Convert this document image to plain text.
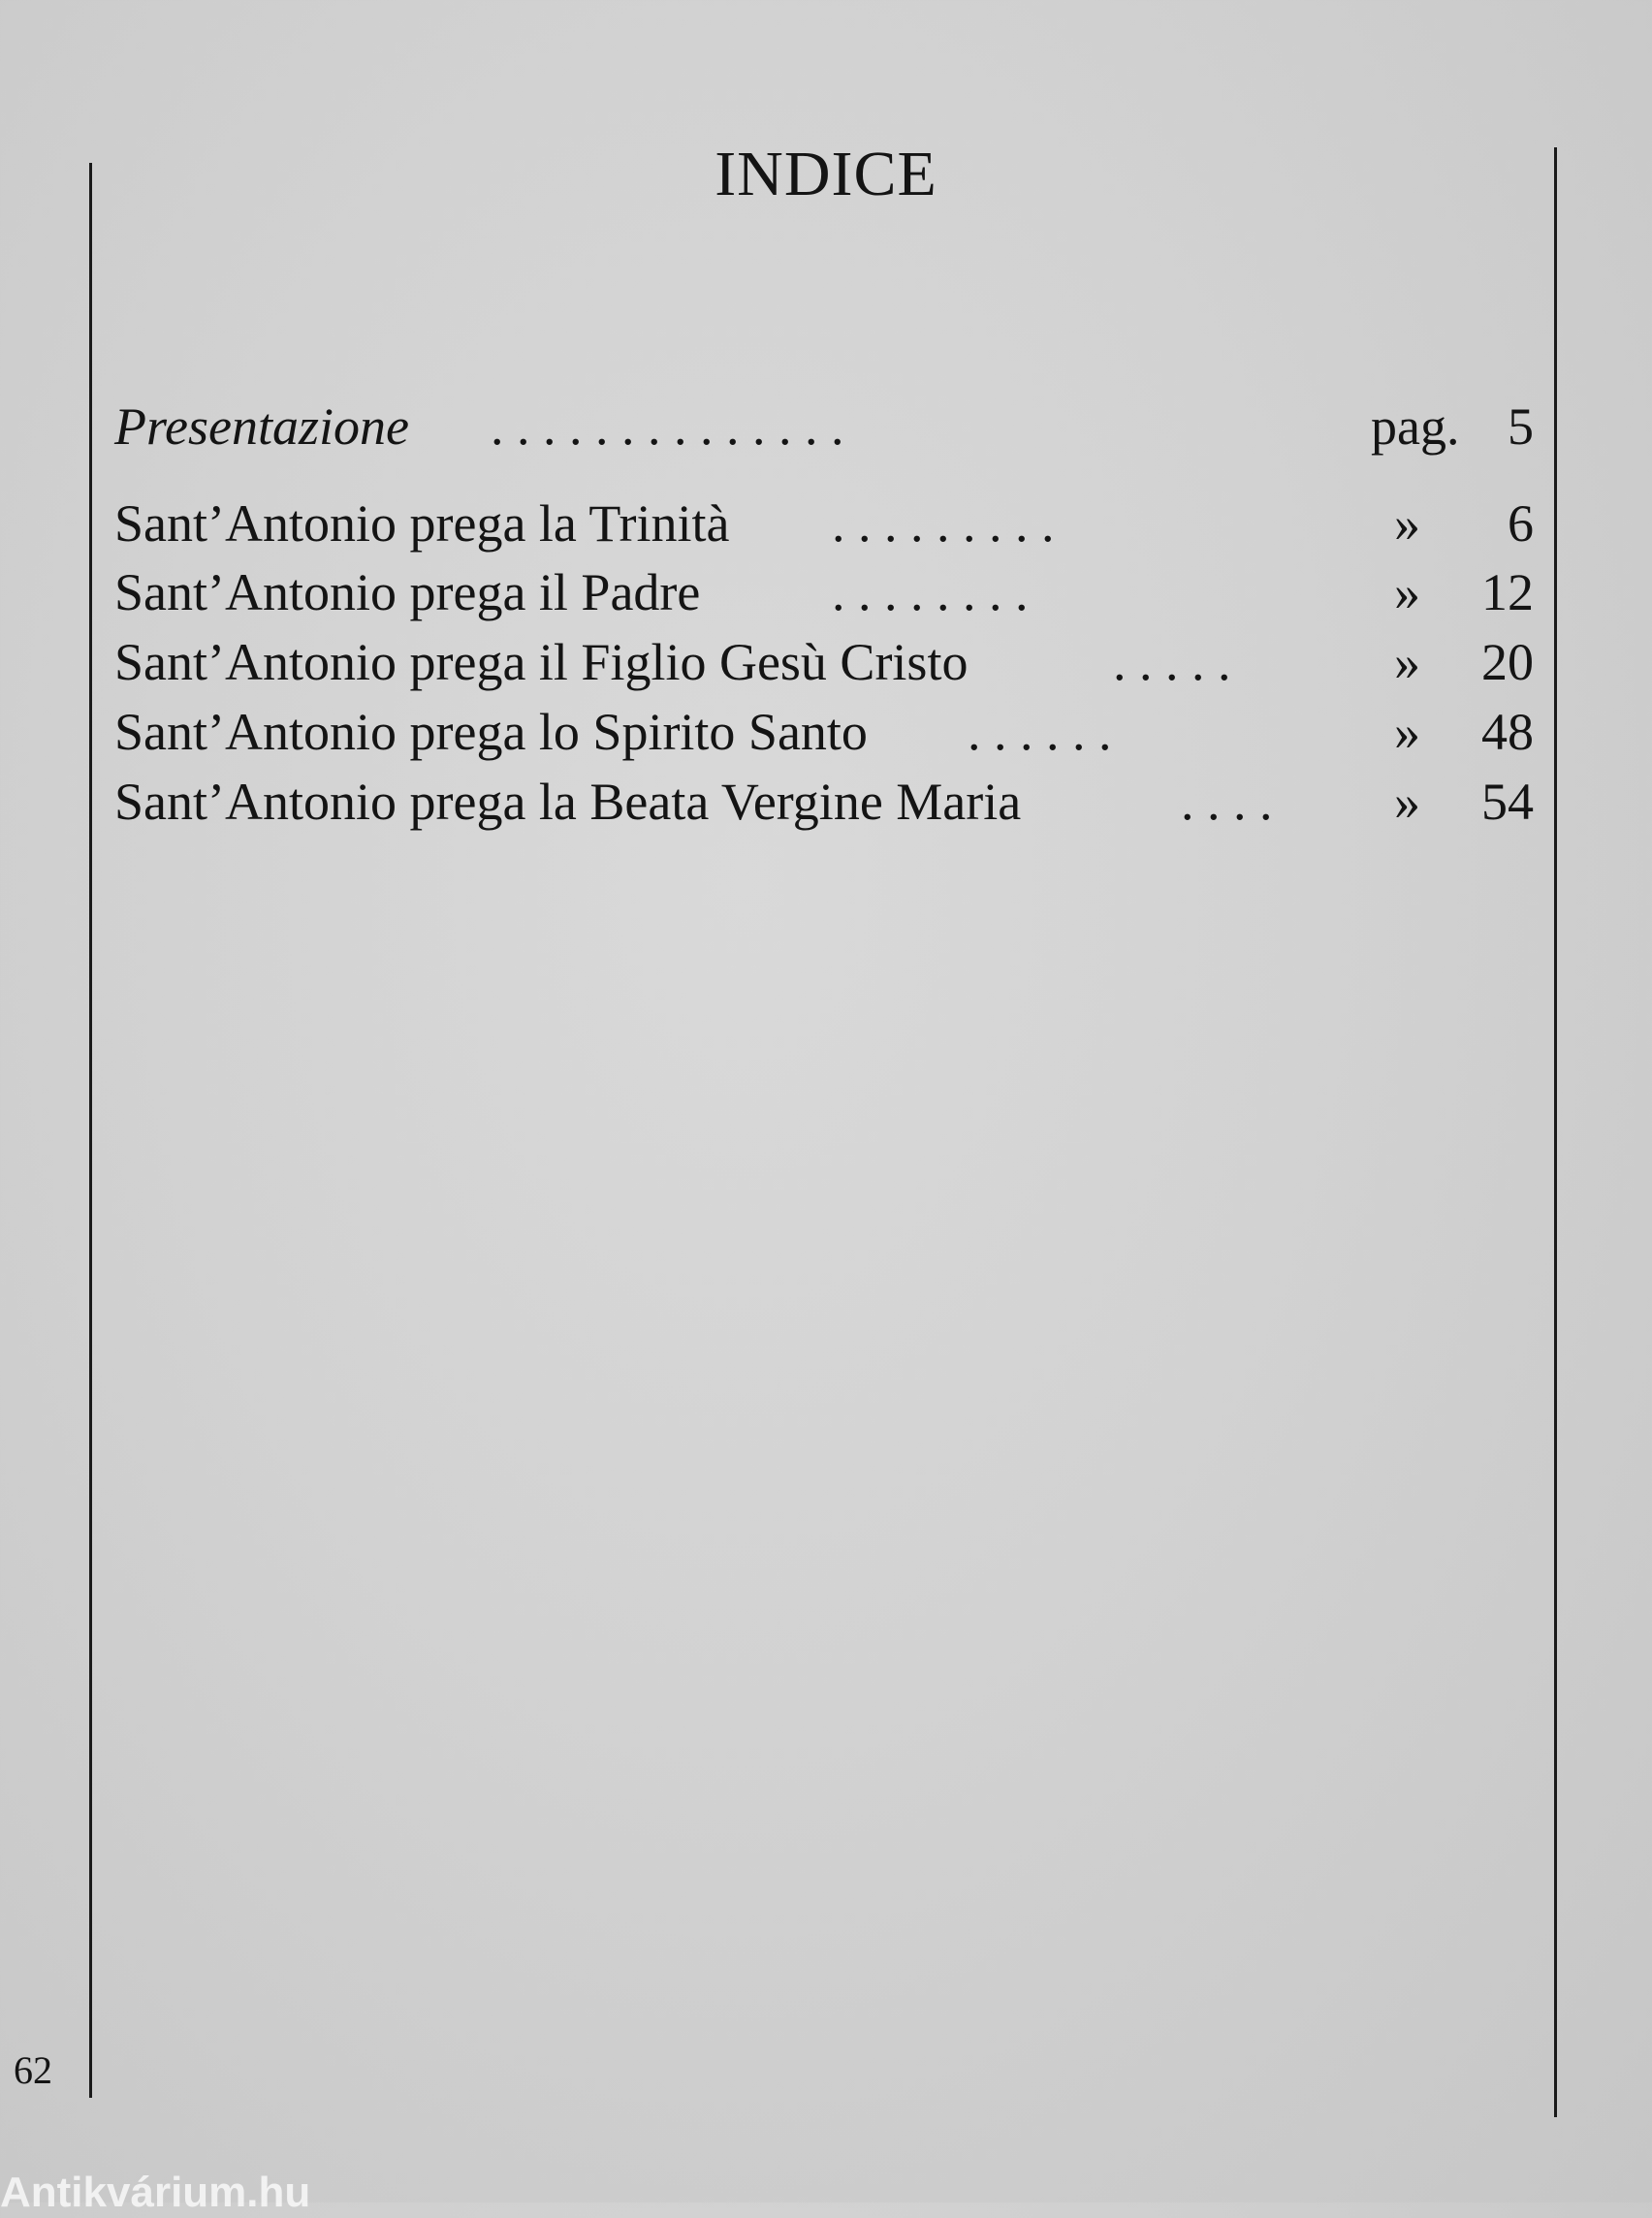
INDICE
Presentazione . . . . . . . . . . . . . .	pag. 5
Sant’Antonio prega la Trinità . . . . . . . . .	» 6
Sant’Antonio prega il Padre	. . . . . . . .	» 12
Sant’Antonio prega il Figlio Gesù Cristo	. . . . .	» 20
Sant’Antonio prega lo Spirito Santo . . . . . .	» 48
Sant’Antonio prega la Beata Vergine Maria	. . . .	» 54
62
Antikvárium.hu
